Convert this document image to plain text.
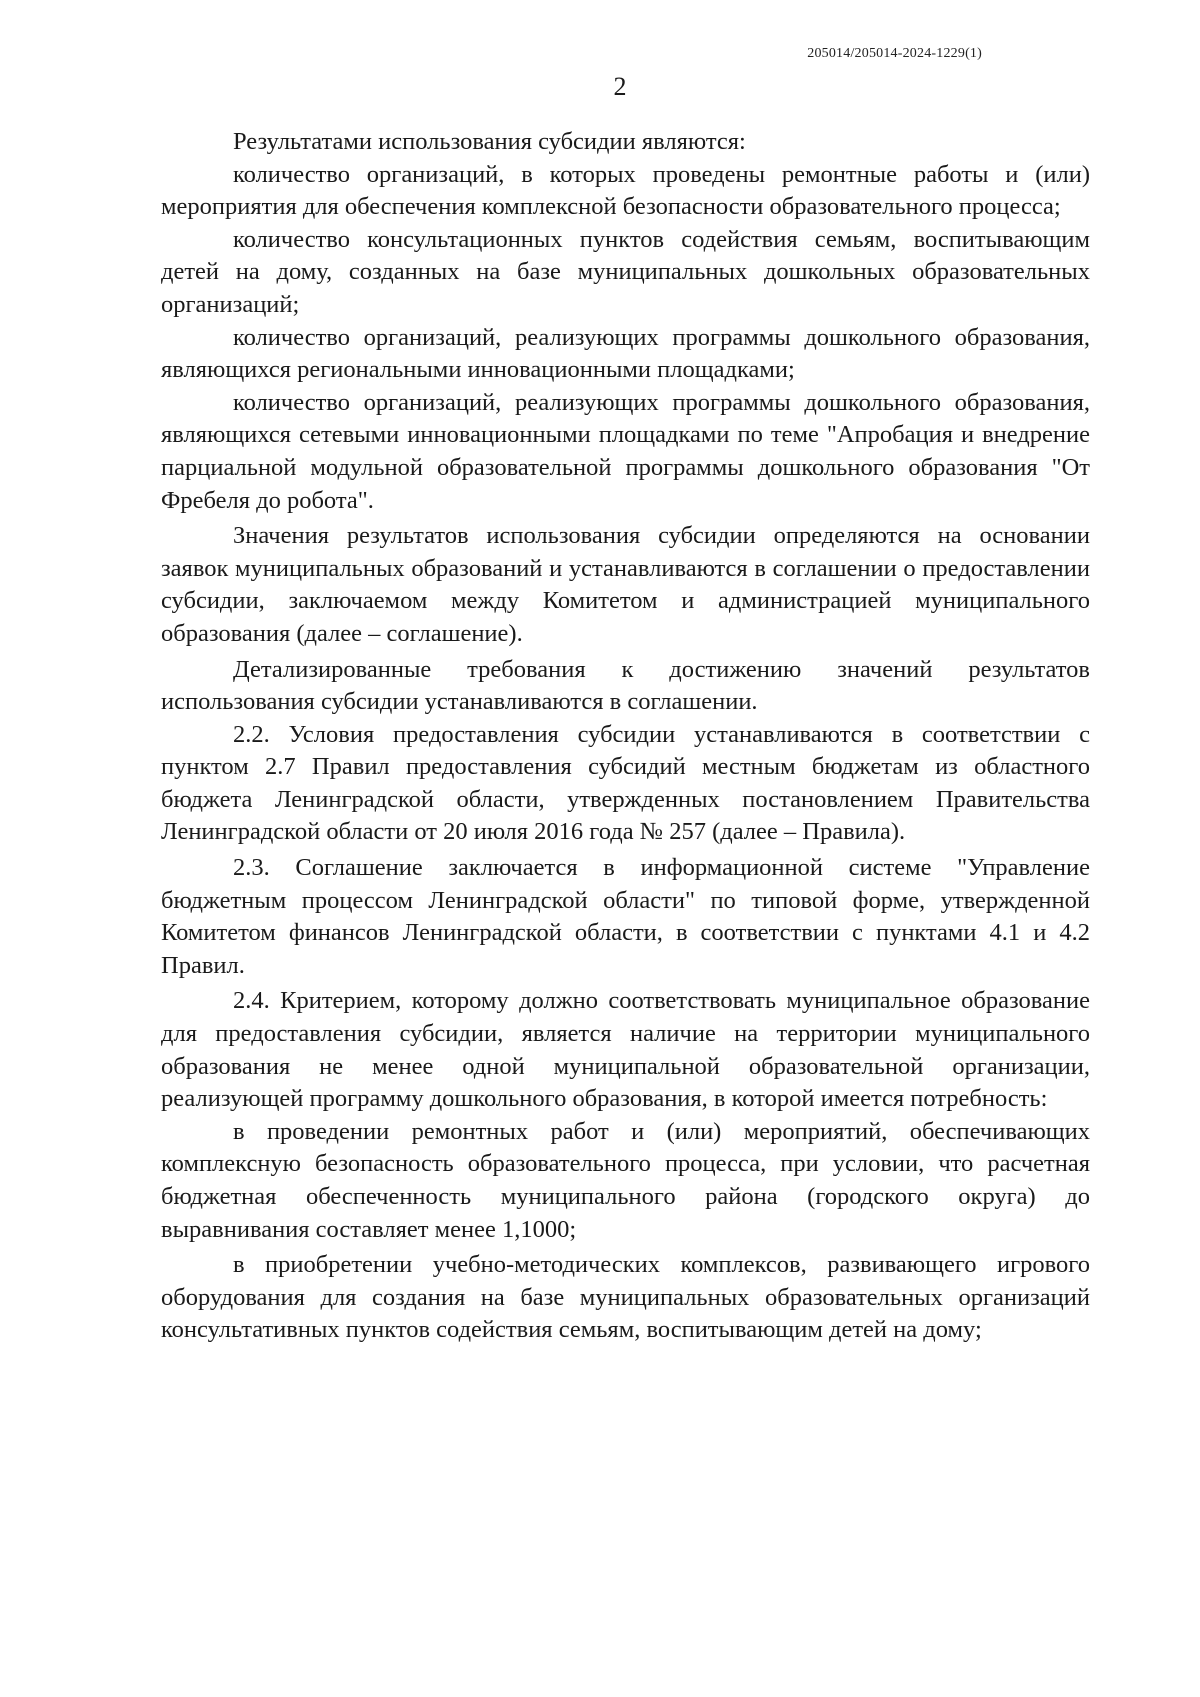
205014/205014-2024-1229(1)
2

Результатами использования субсидии являются:

количество организаций, в которых проведены ремонтные работы и (или) мероприятия для обеспечения комплексной безопасности образовательного процесса;

количество консультационных пунктов содействия семьям, воспитывающим детей на дому, созданных на базе муниципальных дошкольных образовательных организаций;

количество организаций, реализующих программы дошкольного образования, являющихся региональными инновационными площадками;

количество организаций, реализующих программы дошкольного образования, являющихся сетевыми инновационными площадками по теме "Апробация и внедрение парциальной модульной образовательной программы дошкольного образования "От Фребеля до робота".

Значения результатов использования субсидии определяются на основании заявок муниципальных образований и устанавливаются в соглашении о предоставлении субсидии, заключаемом между Комитетом и администрацией муниципального образования (далее – соглашение).

Детализированные требования к достижению значений результатов использования субсидии устанавливаются в соглашении.

2.2. Условия предоставления субсидии устанавливаются в соответствии с пунктом 2.7 Правил предоставления субсидий местным бюджетам из областного бюджета Ленинградской области, утвержденных постановлением Правительства Ленинградской области от 20 июля 2016 года № 257 (далее – Правила).

2.3. Соглашение заключается в информационной системе "Управление бюджетным процессом Ленинградской области" по типовой форме, утвержденной Комитетом финансов Ленинградской области, в соответствии с пунктами 4.1 и 4.2 Правил.

2.4. Критерием, которому должно соответствовать муниципальное образование для предоставления субсидии, является наличие на территории муниципального образования не менее одной муниципальной образовательной организации, реализующей программу дошкольного образования, в которой имеется потребность:

в проведении ремонтных работ и (или) мероприятий, обеспечивающих комплексную безопасность образовательного процесса, при условии, что расчетная бюджетная обеспеченность муниципального района (городского округа) до выравнивания составляет менее 1,1000;

в приобретении учебно-методических комплексов, развивающего игрового оборудования для создания на базе муниципальных образовательных организаций консультативных пунктов содействия семьям, воспитывающим детей на дому;
